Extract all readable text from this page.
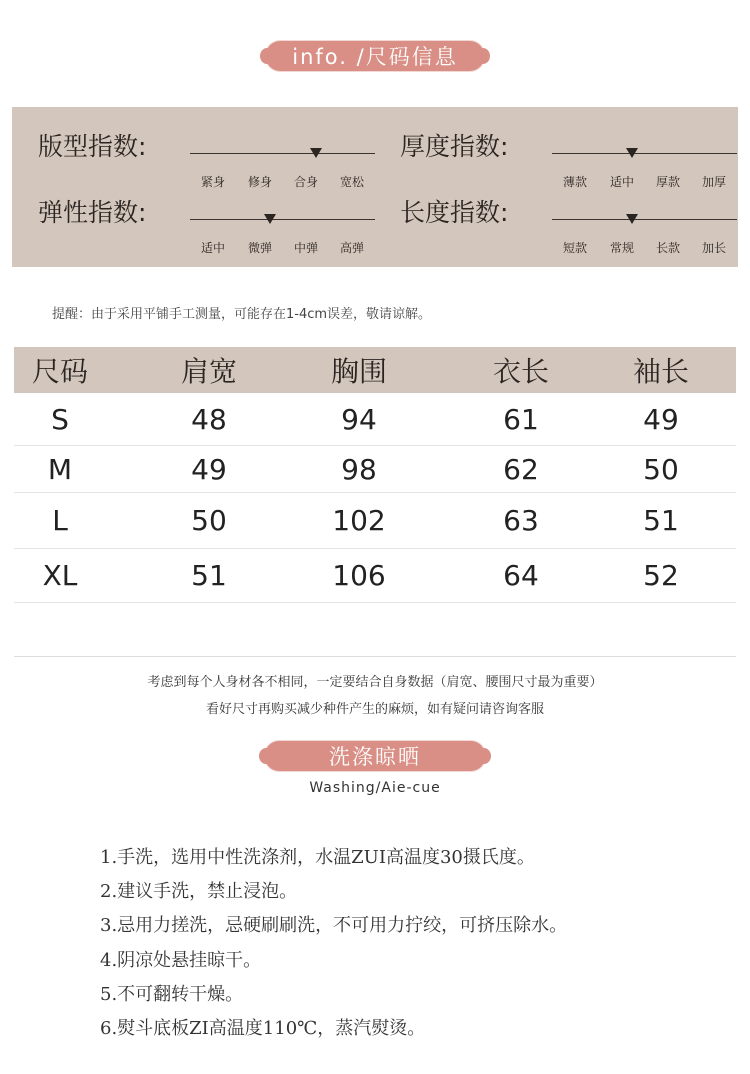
info. /尺码信息
版型指数:
紧身	修身	合身	宽松
厚度指数:
薄款	适中	厚款	加厚
弹性指数:
适中	微弹	中弹	高弹
长度指数:
短款	常规	长款	加长
提醒：由于采用平铺手工测量，可能存在1-4cm误差，敬请谅解。
尺码	肩宽	胸围	衣长	袖长
S	48	94	61	49
M	49	98	62	50
L	50	102	63	51
XL	51	106	64	52
考虑到每个人身材各不相同，一定要结合自身数据（肩宽、腰围尺寸最为重要）
看好尺寸再购买减少种件产生的麻烦，如有疑问请咨询客服
洗涤晾晒
Washing/Aie-cue
1.手洗，选用中性洗涤剂，水温ZUI高温度30摄氏度。
2.建议手洗，禁止浸泡。
3.忌用力搓洗，忌硬刷刷洗，不可用力拧绞，可挤压除水。
4.阴凉处悬挂晾干。
5.不可翻转干燥。
6.熨斗底板ZI高温度110℃，蒸汽熨烫。
